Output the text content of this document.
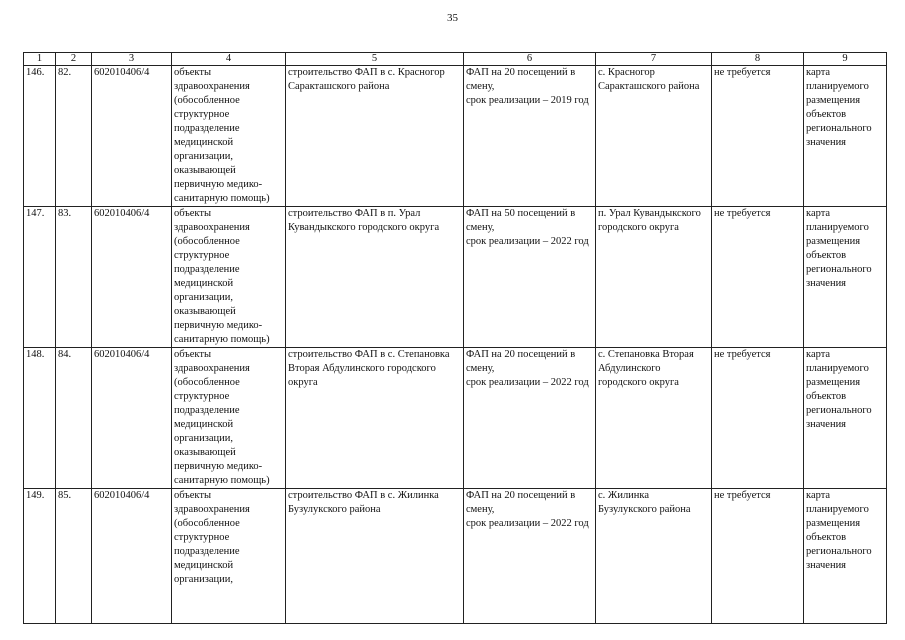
35
1	2	3	4	5	6	7	8	9
146.	82.	602010406/4	объекты здравоохранения (обособленное структурное подразделение медицинской организации, оказывающей первичную медико-санитарную помощь)	строительство ФАП в с. Красногор Саракташского района	ФАП на 20 посещений в смену,
срок реализации – 2019 год	с. Красногор Саракташского района	не требуется	карта планируемого размещения объектов регионального значения
147.	83.	602010406/4	объекты здравоохранения (обособленное структурное подразделение медицинской организации, оказывающей первичную медико-санитарную помощь)	строительство ФАП в п. Урал Кувандыкского городского округа	ФАП на 50 посещений в смену,
срок реализации – 2022 год	п. Урал Кувандыкского городского округа	не требуется	карта планируемого размещения объектов регионального значения
148.	84.	602010406/4	объекты здравоохранения (обособленное структурное подразделение медицинской организации, оказывающей первичную медико-санитарную помощь)	строительство ФАП в с. Степановка Вторая Абдулинского городского округа	ФАП на 20 посещений в смену,
срок реализации – 2022 год	с. Степановка Вторая Абдулинского городского округа	не требуется	карта планируемого размещения объектов регионального значения
149.	85.	602010406/4	объекты здравоохранения (обособленное структурное подразделение медицинской организации,	строительство ФАП в с. Жилинка Бузулукского района	ФАП на 20 посещений в смену,
срок реализации – 2022 год	с. Жилинка Бузулукского района	не требуется	карта планируемого размещения объектов регионального значения
